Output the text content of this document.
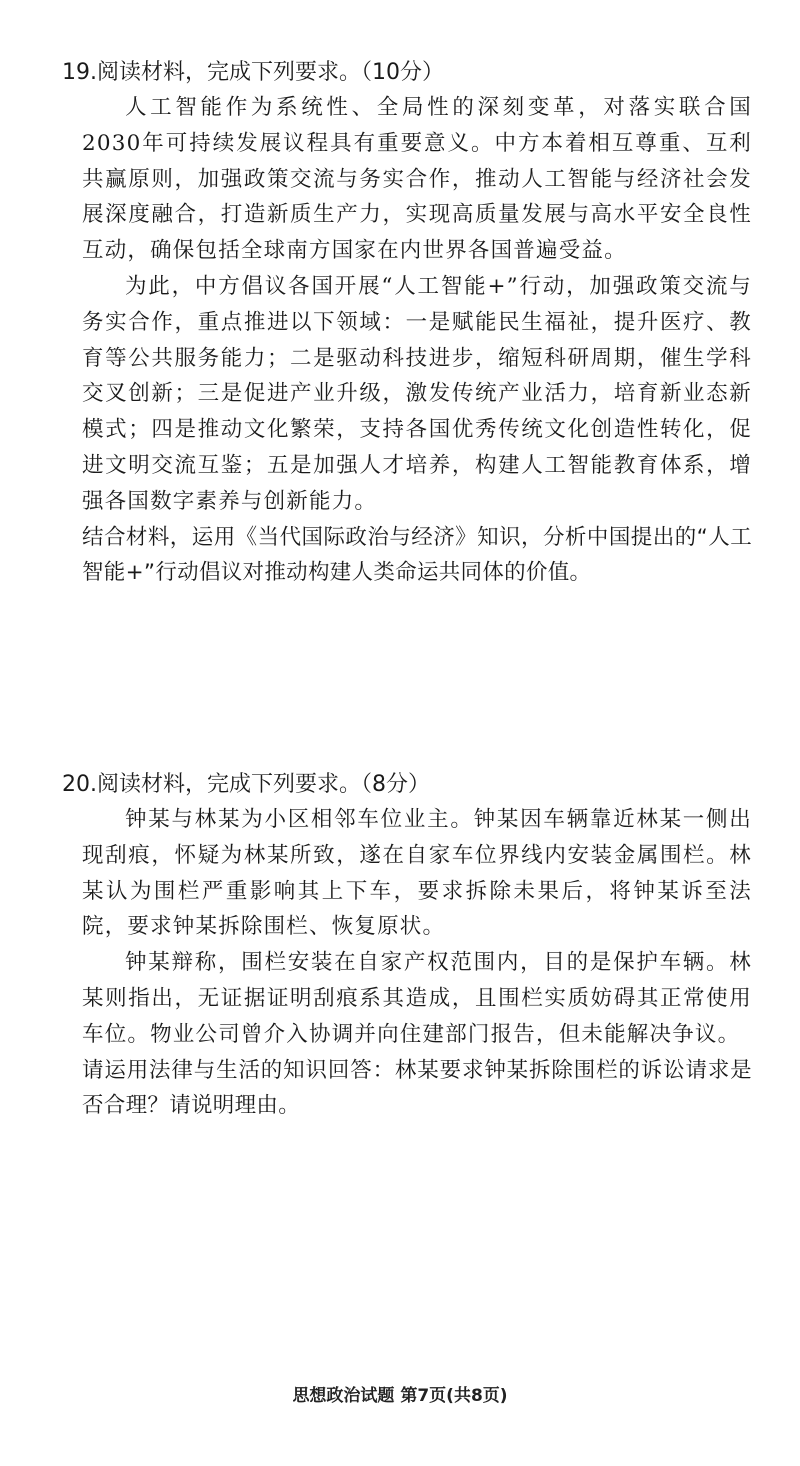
19.阅读材料，完成下列要求。（10分）

人工智能作为系统性、全局性的深刻变革，对落实联合国2030年可持续发展议程具有重要意义。中方本着相互尊重、互利共赢原则，加强政策交流与务实合作，推动人工智能与经济社会发展深度融合，打造新质生产力，实现高质量发展与高水平安全良性互动，确保包括全球南方国家在内世界各国普遍受益。

为此，中方倡议各国开展“人工智能+”行动，加强政策交流与务实合作，重点推进以下领域：一是赋能民生福祉，提升医疗、教育等公共服务能力；二是驱动科技进步，缩短科研周期，催生学科交叉创新；三是促进产业升级，激发传统产业活力，培育新业态新模式；四是推动文化繁荣，支持各国优秀传统文化创造性转化，促进文明交流互鉴；五是加强人才培养，构建人工智能教育体系，增强各国数字素养与创新能力。

结合材料，运用《当代国际政治与经济》知识，分析中国提出的“人工智能+”行动倡议对推动构建人类命运共同体的价值。

20.阅读材料，完成下列要求。（8分）

钟某与林某为小区相邻车位业主。钟某因车辆靠近林某一侧出现刮痕，怀疑为林某所致，遂在自家车位界线内安装金属围栏。林某认为围栏严重影响其上下车，要求拆除未果后，将钟某诉至法院，要求钟某拆除围栏、恢复原状。

钟某辩称，围栏安装在自家产权范围内，目的是保护车辆。林某则指出，无证据证明刮痕系其造成，且围栏实质妨碍其正常使用车位。物业公司曾介入协调并向住建部门报告，但未能解决争议。

请运用法律与生活的知识回答：林某要求钟某拆除围栏的诉讼请求是否合理？请说明理由。

思想政治试题 第7页(共8页)
